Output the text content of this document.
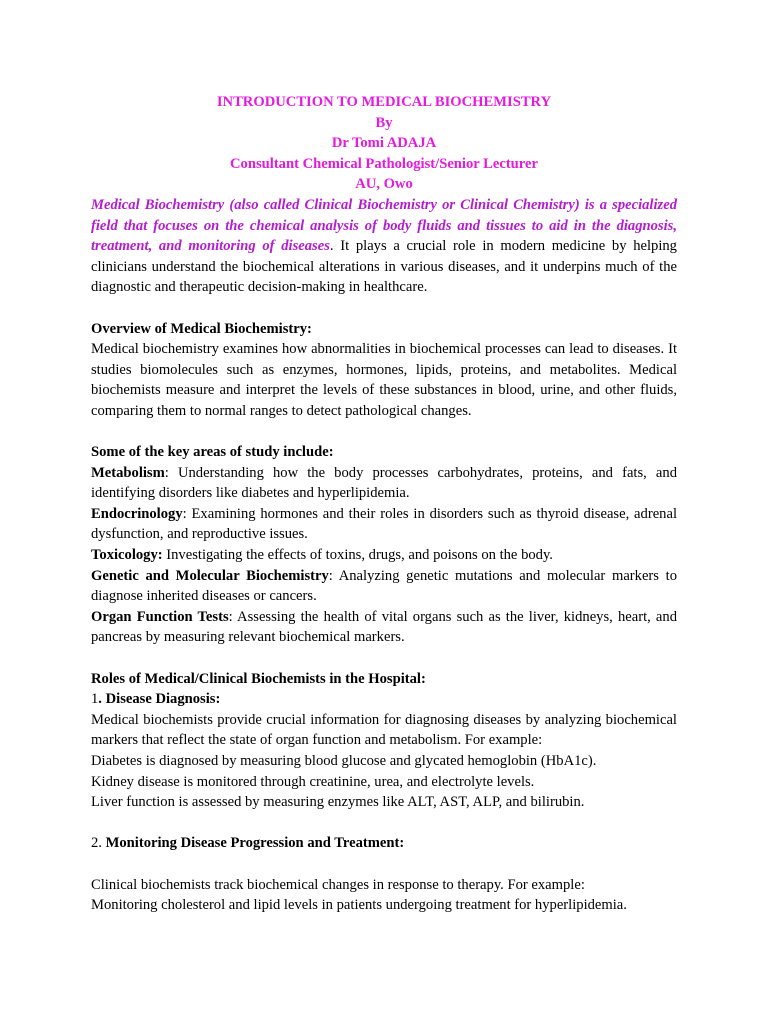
INTRODUCTION TO MEDICAL BIOCHEMISTRY
By
Dr Tomi ADAJA
Consultant Chemical Pathologist/Senior Lecturer
AU, Owo

Medical Biochemistry (also called Clinical Biochemistry or Clinical Chemistry) is a specialized field that focuses on the chemical analysis of body fluids and tissues to aid in the diagnosis, treatment, and monitoring of diseases. It plays a crucial role in modern medicine by helping clinicians understand the biochemical alterations in various diseases, and it underpins much of the diagnostic and therapeutic decision-making in healthcare.

Overview of Medical Biochemistry:

Medical biochemistry examines how abnormalities in biochemical processes can lead to diseases. It studies biomolecules such as enzymes, hormones, lipids, proteins, and metabolites. Medical biochemists measure and interpret the levels of these substances in blood, urine, and other fluids, comparing them to normal ranges to detect pathological changes.

Some of the key areas of study include:

Metabolism: Understanding how the body processes carbohydrates, proteins, and fats, and identifying disorders like diabetes and hyperlipidemia.

Endocrinology: Examining hormones and their roles in disorders such as thyroid disease, adrenal dysfunction, and reproductive issues.

Toxicology: Investigating the effects of toxins, drugs, and poisons on the body.

Genetic and Molecular Biochemistry: Analyzing genetic mutations and molecular markers to diagnose inherited diseases or cancers.

Organ Function Tests: Assessing the health of vital organs such as the liver, kidneys, heart, and pancreas by measuring relevant biochemical markers.

Roles of Medical/Clinical Biochemists in the Hospital:

1. Disease Diagnosis:

Medical biochemists provide crucial information for diagnosing diseases by analyzing biochemical markers that reflect the state of organ function and metabolism. For example:

Diabetes is diagnosed by measuring blood glucose and glycated hemoglobin (HbA1c).

Kidney disease is monitored through creatinine, urea, and electrolyte levels.

Liver function is assessed by measuring enzymes like ALT, AST, ALP, and bilirubin.

2. Monitoring Disease Progression and Treatment:

Clinical biochemists track biochemical changes in response to therapy. For example:

Monitoring cholesterol and lipid levels in patients undergoing treatment for hyperlipidemia.
